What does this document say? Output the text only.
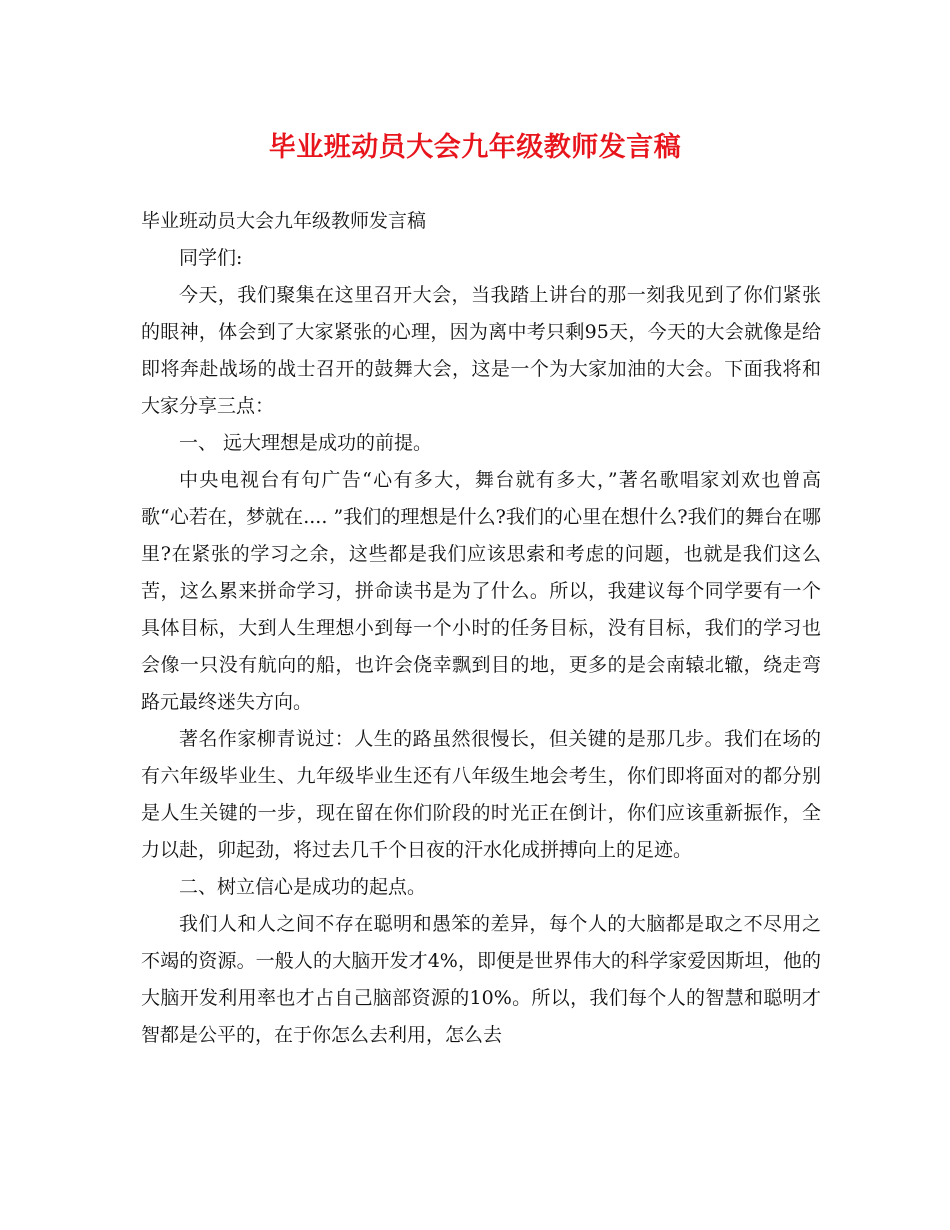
毕业班动员大会九年级教师发言稿

毕业班动员大会九年级教师发言稿

同学们:

今天，我们聚集在这里召开大会，当我踏上讲台的那一刻我见到了你们紧张的眼神，体会到了大家紧张的心理，因为离中考只剩95天，今天的大会就像是给即将奔赴战场的战士召开的鼓舞大会，这是一个为大家加油的大会。下面我将和大家分享三点：

一、 远大理想是成功的前提。

中央电视台有句广告“心有多大，舞台就有多大，”著名歌唱家刘欢也曾高歌“心若在，梦就在.... ”我们的理想是什么?我们的心里在想什么?我们的舞台在哪里?在紧张的学习之余，这些都是我们应该思索和考虑的问题，也就是我们这么苦，这么累来拼命学习，拼命读书是为了什么。所以，我建议每个同学要有一个具体目标，大到人生理想小到每一个小时的任务目标，没有目标，我们的学习也会像一只没有航向的船，也许会侥幸飘到目的地，更多的是会南辕北辙，绕走弯路元最终迷失方向。

著名作家柳青说过：人生的路虽然很慢长，但关键的是那几步。我们在场的有六年级毕业生、九年级毕业生还有八年级生地会考生，你们即将面对的都分别是人生关键的一步，现在留在你们阶段的时光正在倒计，你们应该重新振作，全力以赴，卯起劲，将过去几千个日夜的汗水化成拼搏向上的足迹。

二、树立信心是成功的起点。

我们人和人之间不存在聪明和愚笨的差异，每个人的大脑都是取之不尽用之不竭的资源。一般人的大脑开发才4%，即便是世界伟大的科学家爱因斯坦，他的大脑开发利用率也才占自己脑部资源的10%。所以，我们每个人的智慧和聪明才智都是公平的，在于你怎么去利用，怎么去
